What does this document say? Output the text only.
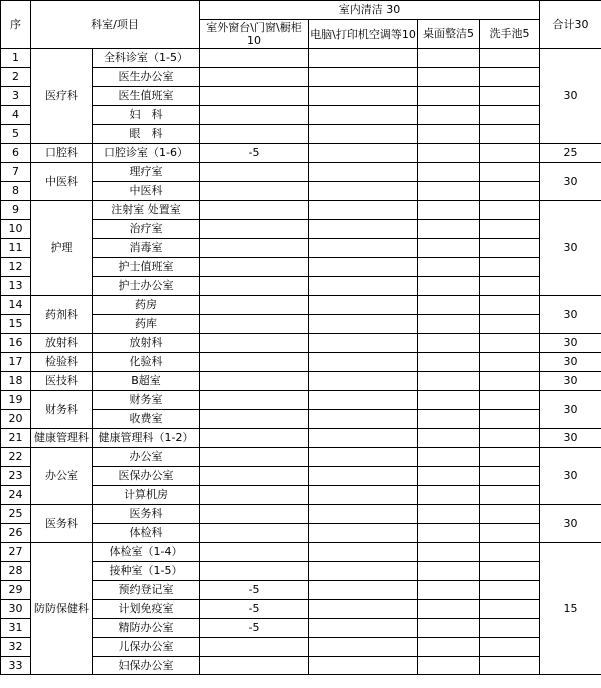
序	科室/项目		室内清洁 30				合计30
			室外窗台\门窗\橱柜10	电脑\打印机空调等10	桌面整洁5	洗手池5	
1	医疗科	全科诊室（1-5）					30
2		医生办公室					
3		医生值班室					
4		妇　科					
5		眼　科					
6	口腔科	口腔诊室（1-6）	-5				25
7	中医科	理疗室					30
8		中医科					
9	护理	注射室 处置室					30
10		治疗室					
11		消毒室					
12		护士值班室					
13		护士办公室					
14	药剂科	药房					30
15		药库					
16	放射科	放射科					30
17	检验科	化验科					30
18	医技科	B超室					30
19	财务科	财务室					30
20		收费室					
21	健康管理科	健康管理科（1-2）					30
22	办公室	办公室					30
23		医保办公室					
24		计算机房					
25	医务科	医务科					30
26		体检科					
27	防防保健科	体检室（1-4）					15
28		接种室（1-5）					
29		预约登记室	-5				
30		计划免疫室	-5				
31		精防办公室	-5				
32		儿保办公室					
33		妇保办公室					
